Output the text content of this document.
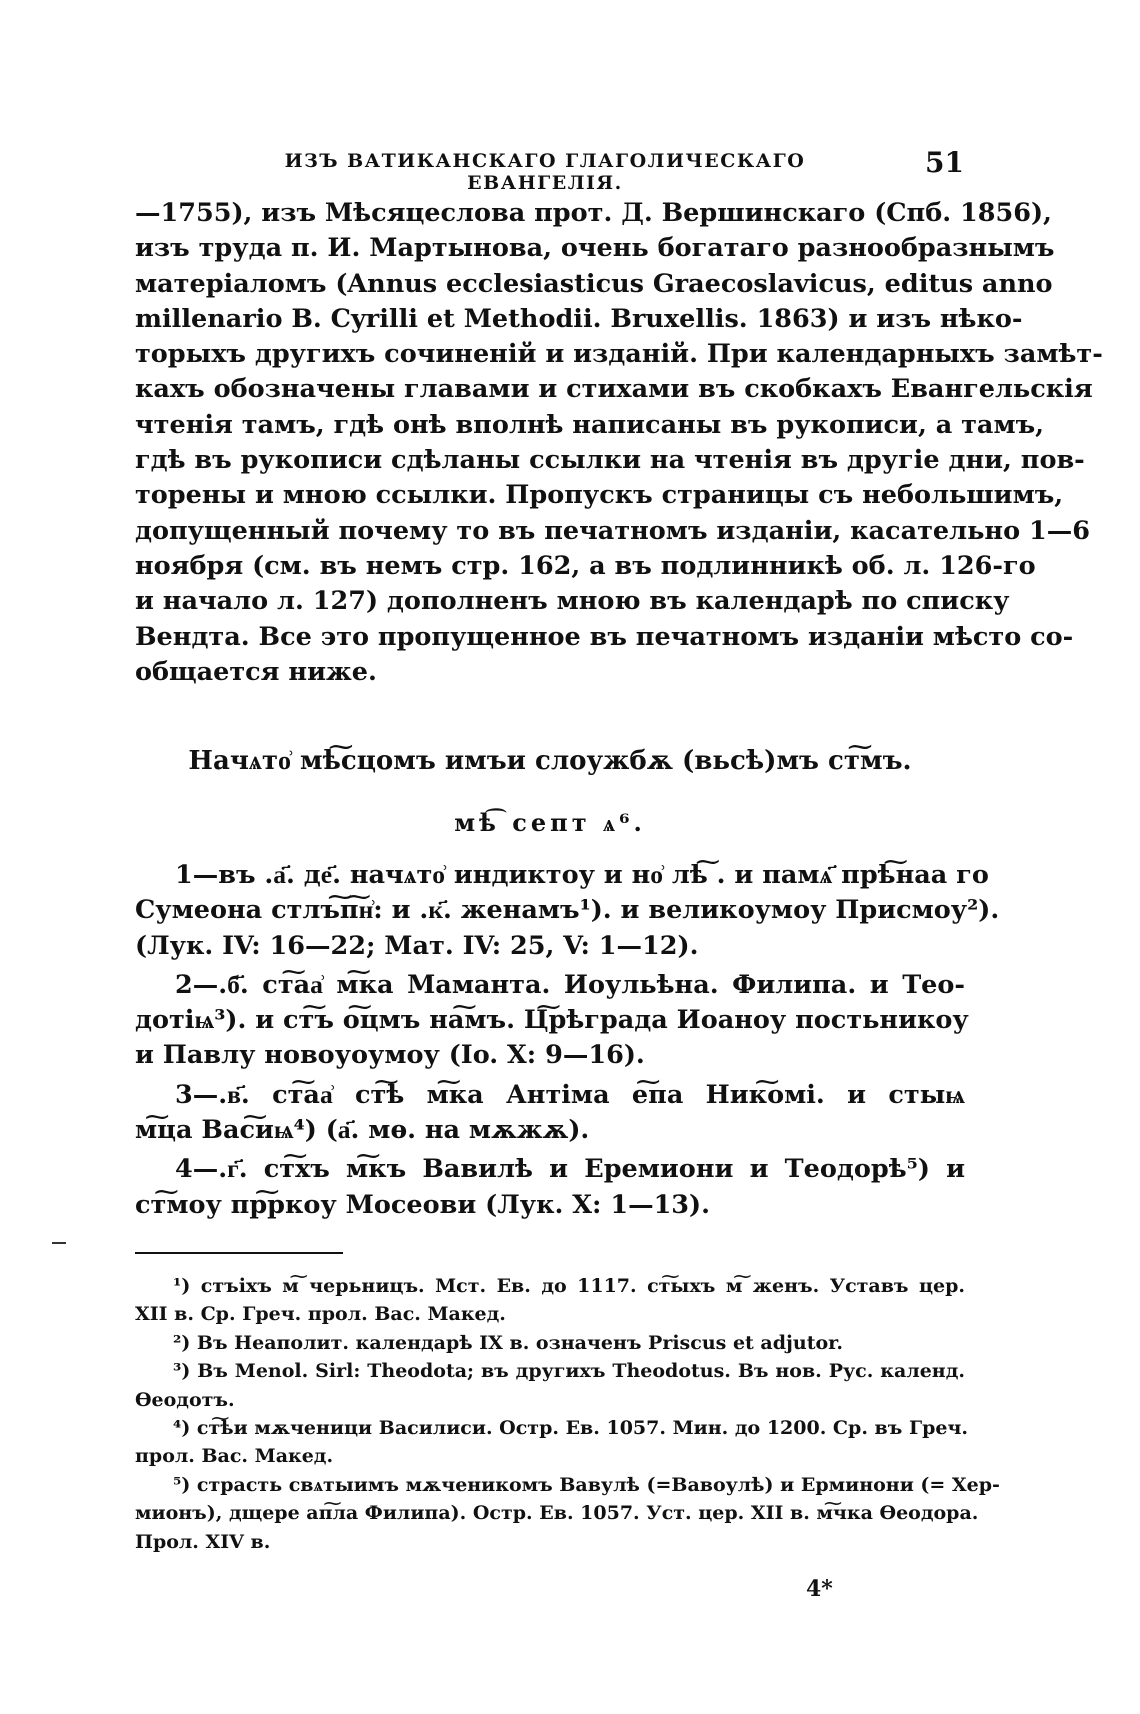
ИЗЪ ВАТИКАНСКАГО ГЛАГОЛИЧЕСКАГО ЕВАНГЕЛІЯ.
51
—1755), изъ Мѣсяцеслова прот. Д. Вершинскаго (Спб. 1856),
изъ труда п. И. Мартынова, очень богатаго разнообразнымъ
матеріаломъ (Annus ecclesiasticus Graecoslavicus, editus anno
millenario B. Cyrilli et Methodii. Bruxellis. 1863) и изъ нѣко-
торыхъ другихъ сочиненій и изданій. При календарныхъ замѣт-
кахъ обозначены главами и стихами въ скобкахъ Евангельскія
чтенія тамъ, гдѣ онѣ вполнѣ написаны въ рукописи, а тамъ,
гдѣ въ рукописи сдѣланы ссылки на чтенія въ другіе дни, пов-
торены и мною ссылки. Пропускъ страницы съ небольшимъ,
допущенный почему то въ печатномъ изданіи, касательно 1—6
ноября (см. въ немъ стр. 162, а въ подлинникѣ об. л. 126-го
и начало л. 127) дополненъ мною въ календарѣ по списку
Вендта. Все это пропущенное въ печатномъ изданіи мѣсто со-
общается ниже.
Начѧто͗ мѣ͠сцомъ имъи слоужбѫ (вьсѣ)мъ ст͠мъ.
мѣ͡ септ ѧ⁶.
1—въ .а҃. де҃. начѧто͗ индиктоу и но͗ лѣ͠ . и памѧ҃ прѣ͠наа го
Сумеона стлъ͠п͠н͗: и .к҃. женамъ¹). и великоумоу Присмоу²).
(Лук. IV: 16—22; Мат. IV: 25, V: 1—12).
2—.б҃. ст͠аа͗ м͠ка Маманта. Иоульѣна. Филипа. и Тео-
дотіѩ³). и ст͠ъ о͠цмъ на͠мъ. Ц͠рѣграда Иоаноу постьникоу
и Павлу новоуоумоу (Io. X: 9—16).
3—.в҃. ст͠аа͗ ст͠ѣ м͠ка Антіма е͠па Ник͠омі. и стыѩ
м͠ца Вас͠иѩ⁴) (а҃. мѳ. на мѫжѫ).
4—.г҃. ст͠хъ м͠къ Вавилѣ и Еремиони и Теодорѣ⁵) и
ст͠моу пр͠ркоу Мосеови (Лук. X: 1—13).
¹) стъіхъ м͠ черьницъ. Мст. Ев. до 1117. ст͠ыхъ м͠ женъ. Уставъ цер.
XII в. Ср. Греч. прол. Вас. Макед.
²) Въ Неаполит. календарѣ IX в. означенъ Priscus et adjutor.
³) Въ Menol. Sirl: Theodota; въ другихъ Theodotus. Въ нов. Рус. календ.
Ѳеодотъ.
⁴) ст͠ѣи мѫченици Василиси. Остр. Ев. 1057. Мин. до 1200. Ср. въ Греч.
прол. Вас. Макед.
⁵) страсть свѧтыимъ мѫченикомъ Вавулѣ (=Вавоулѣ) и Ерминони (= Хер-
мионъ), дщере ап͠ла Филипа). Остр. Ев. 1057. Уст. цер. XII в. м͠чка Ѳеодора.
Прол. XIV в.
4*
